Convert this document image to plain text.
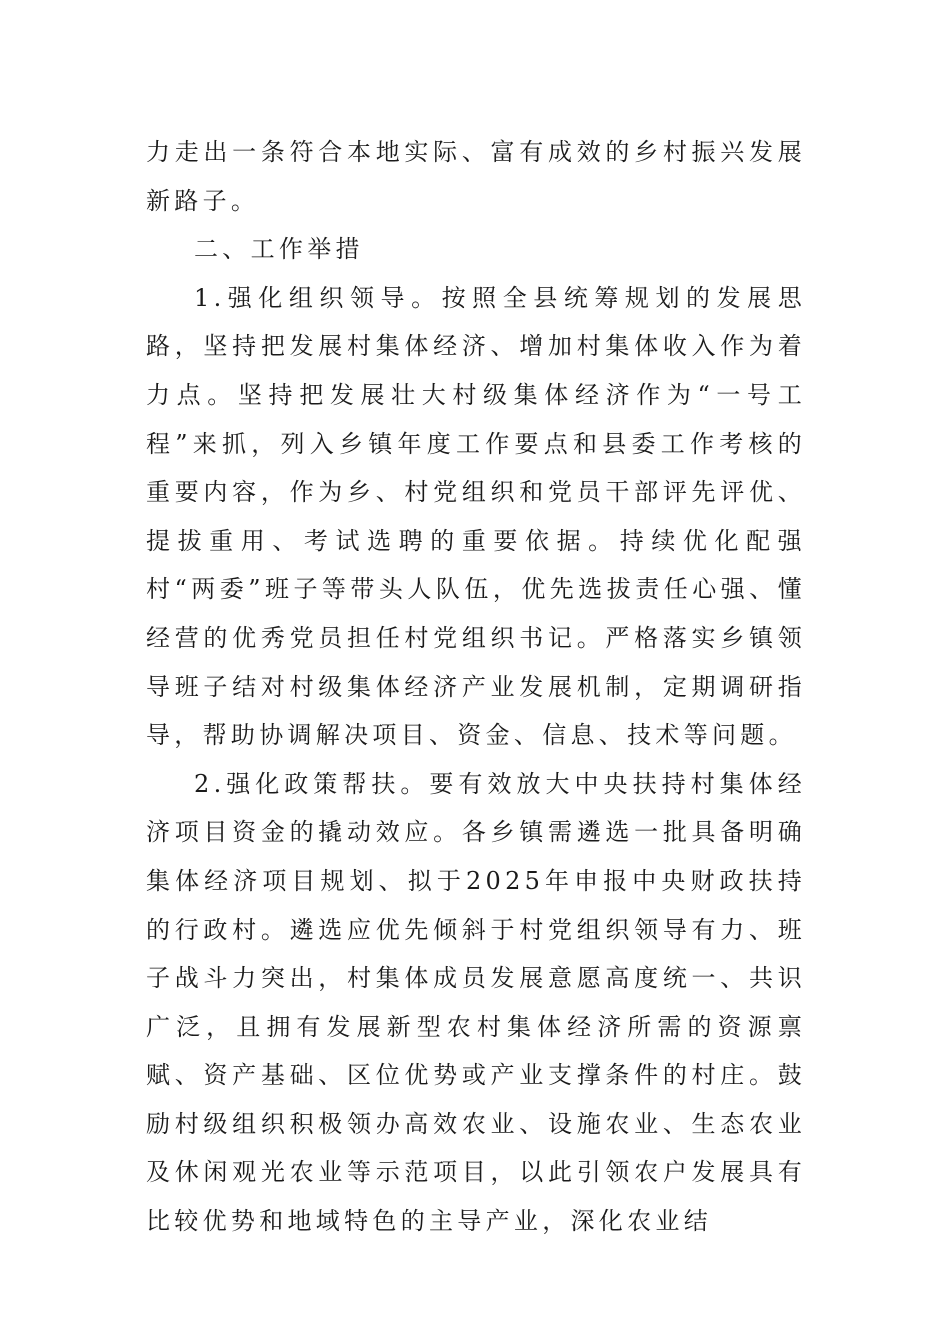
力走出一条符合本地实际、富有成效的乡村振兴发展新路子。

二、工作举措

1.强化组织领导。按照全县统筹规划的发展思路，坚持把发展村集体经济、增加村集体收入作为着力点。坚持把发展壮大村级集体经济作为“一号工程”来抓，列入乡镇年度工作要点和县委工作考核的重要内容，作为乡、村党组织和党员干部评先评优、提拔重用、考试选聘的重要依据。持续优化配强村“两委”班子等带头人队伍，优先选拔责任心强、懂经营的优秀党员担任村党组织书记。严格落实乡镇领导班子结对村级集体经济产业发展机制，定期调研指导，帮助协调解决项目、资金、信息、技术等问题。

2.强化政策帮扶。要有效放大中央扶持村集体经济项目资金的撬动效应。各乡镇需遴选一批具备明确集体经济项目规划、拟于2025年申报中央财政扶持的行政村。遴选应优先倾斜于村党组织领导有力、班子战斗力突出，村集体成员发展意愿高度统一、共识广泛，且拥有发展新型农村集体经济所需的资源禀赋、资产基础、区位优势或产业支撑条件的村庄。鼓励村级组织积极领办高效农业、设施农业、生态农业及休闲观光农业等示范项目，以此引领农户发展具有比较优势和地域特色的主导产业，深化农业结
